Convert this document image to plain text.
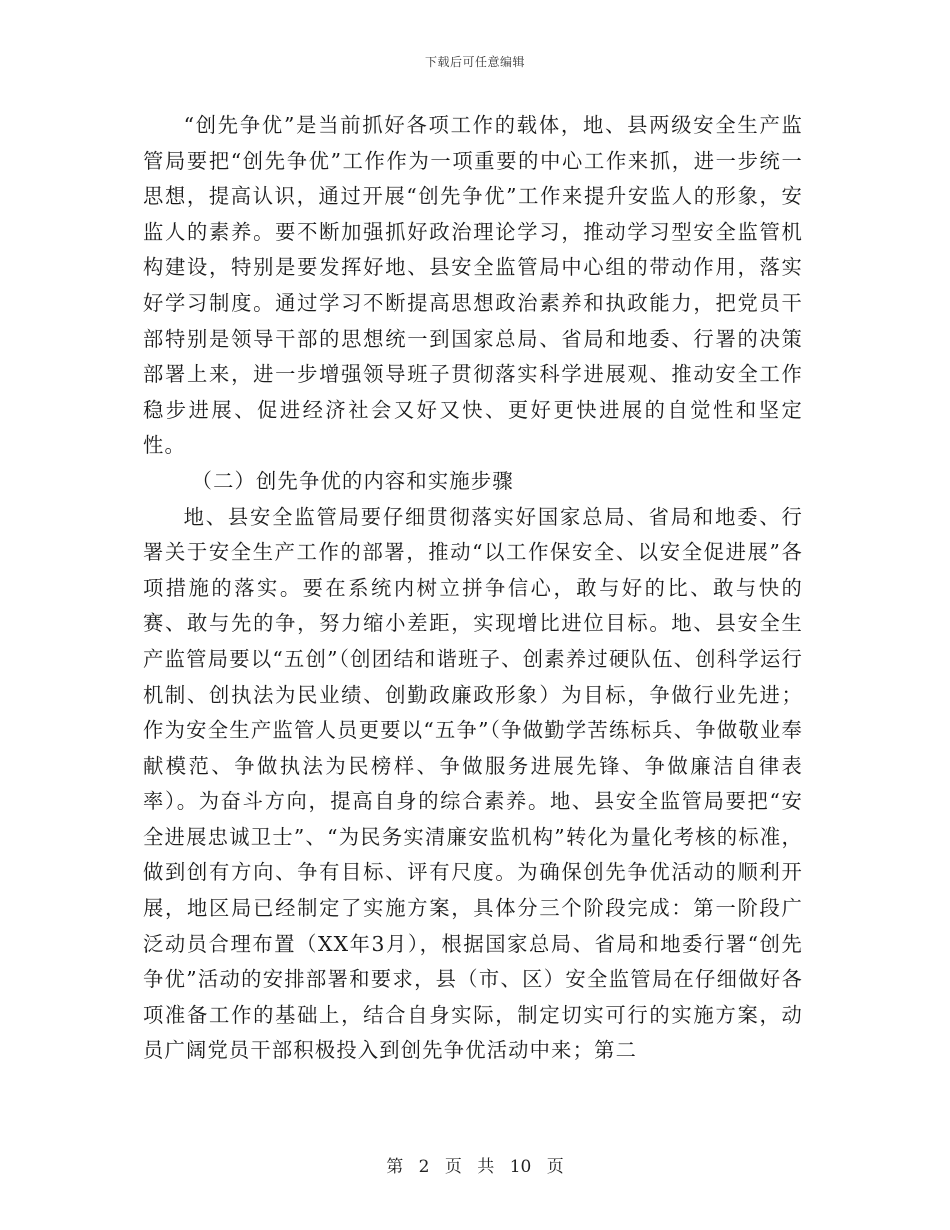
下载后可任意编辑

“创先争优”是当前抓好各项工作的载体，地、县两级安全生产监管局要把“创先争优”工作作为一项重要的中心工作来抓，进一步统一思想，提高认识，通过开展“创先争优”工作来提升安监人的形象，安监人的素养。要不断加强抓好政治理论学习，推动学习型安全监管机构建设，特别是要发挥好地、县安全监管局中心组的带动作用，落实好学习制度。通过学习不断提高思想政治素养和执政能力，把党员干部特别是领导干部的思想统一到国家总局、省局和地委、行署的决策部署上来，进一步增强领导班子贯彻落实科学进展观、推动安全工作稳步进展、促进经济社会又好又快、更好更快进展的自觉性和坚定性。

（二）创先争优的内容和实施步骤

地、县安全监管局要仔细贯彻落实好国家总局、省局和地委、行署关于安全生产工作的部署，推动“以工作保安全、以安全促进展”各项措施的落实。要在系统内树立拼争信心，敢与好的比、敢与快的赛、敢与先的争，努力缩小差距，实现增比进位目标。地、县安全生产监管局要以“五创”（创团结和谐班子、创素养过硬队伍、创科学运行机制、创执法为民业绩、创勤政廉政形象）为目标，争做行业先进；作为安全生产监管人员更要以“五争”（争做勤学苦练标兵、争做敬业奉献模范、争做执法为民榜样、争做服务进展先锋、争做廉洁自律表率）。为奋斗方向，提高自身的综合素养。地、县安全监管局要把“安全进展忠诚卫士”、“为民务实清廉安监机构”转化为量化考核的标准，做到创有方向、争有目标、评有尺度。为确保创先争优活动的顺利开展，地区局已经制定了实施方案，具体分三个阶段完成：第一阶段广泛动员合理布置（XX年3月），根据国家总局、省局和地委行署“创先争优”活动的安排部署和要求，县（市、区）安全监管局在仔细做好各项准备工作的基础上，结合自身实际，制定切实可行的实施方案，动员广阔党员干部积极投入到创先争优活动中来；第二

第 2 页 共 10 页
